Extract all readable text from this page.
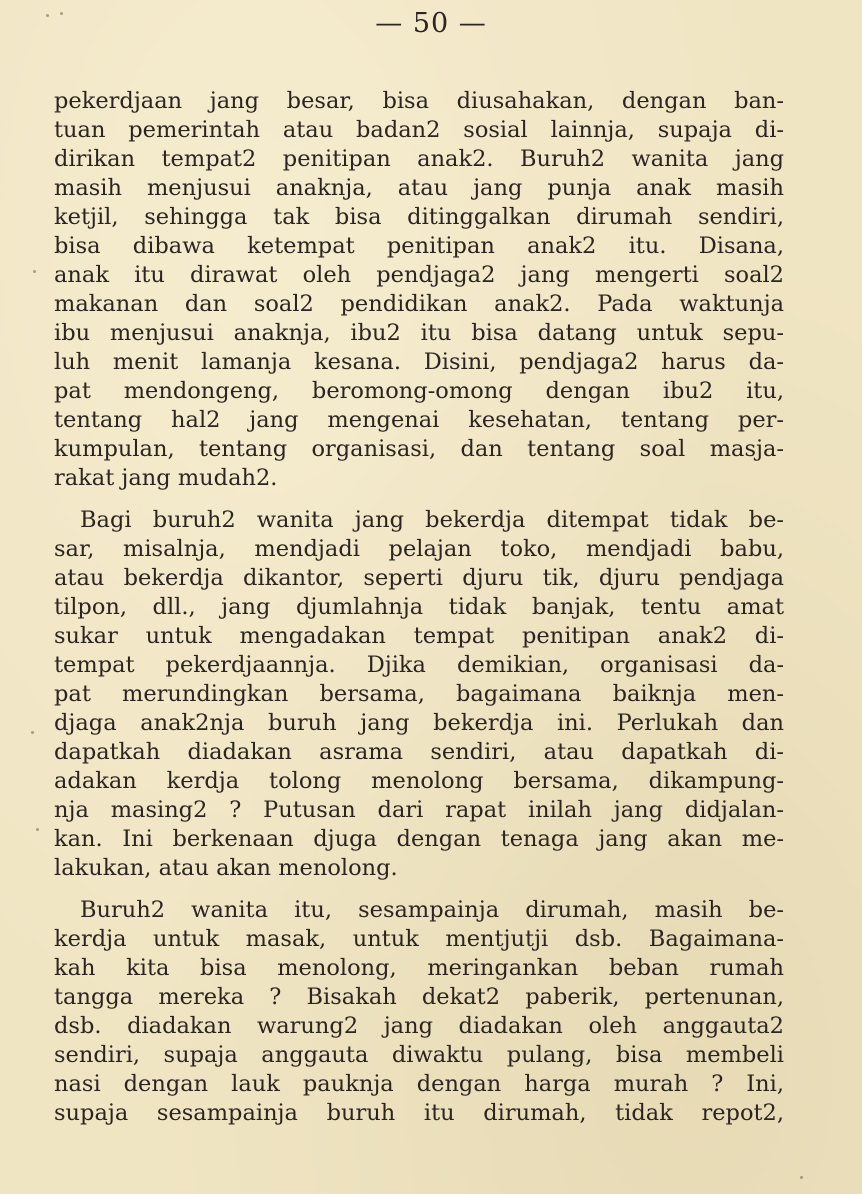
— 50 —
pekerdjaan jang besar, bisa diusahakan, dengan ban-
tuan pemerintah atau badan2 sosial lainnja, supaja di-
dirikan tempat2 penitipan anak2. Buruh2 wanita jang
masih menjusui anaknja, atau jang punja anak masih
ketjil, sehingga tak bisa ditinggalkan dirumah sendiri,
bisa dibawa ketempat penitipan anak2 itu. Disana,
anak itu dirawat oleh pendjaga2 jang mengerti soal2
makanan dan soal2 pendidikan anak2. Pada waktunja
ibu menjusui anaknja, ibu2 itu bisa datang untuk sepu-
luh menit lamanja kesana. Disini, pendjaga2 harus da-
pat mendongeng, beromong-omong dengan ibu2 itu,
tentang hal2 jang mengenai kesehatan, tentang per-
kumpulan, tentang organisasi, dan tentang soal masja-
rakat jang mudah2.
Bagi buruh2 wanita jang bekerdja ditempat tidak be-
sar, misalnja, mendjadi pelajan toko, mendjadi babu,
atau bekerdja dikantor, seperti djuru tik, djuru pendjaga
tilpon, dll., jang djumlahnja tidak banjak, tentu amat
sukar untuk mengadakan tempat penitipan anak2 di-
tempat pekerdjaannja. Djika demikian, organisasi da-
pat merundingkan bersama, bagaimana baiknja men-
djaga anak2nja buruh jang bekerdja ini. Perlukah dan
dapatkah diadakan asrama sendiri, atau dapatkah di-
adakan kerdja tolong menolong bersama, dikampung-
nja masing2 ? Putusan dari rapat inilah jang didjalan-
kan. Ini berkenaan djuga dengan tenaga jang akan me-
lakukan, atau akan menolong.
Buruh2 wanita itu, sesampainja dirumah, masih be-
kerdja untuk masak, untuk mentjutji dsb. Bagaimana-
kah kita bisa menolong, meringankan beban rumah
tangga mereka ? Bisakah dekat2 paberik, pertenunan,
dsb. diadakan warung2 jang diadakan oleh anggauta2
sendiri, supaja anggauta diwaktu pulang, bisa membeli
nasi dengan lauk pauknja dengan harga murah ? Ini,
supaja sesampainja buruh itu dirumah, tidak repot2,
